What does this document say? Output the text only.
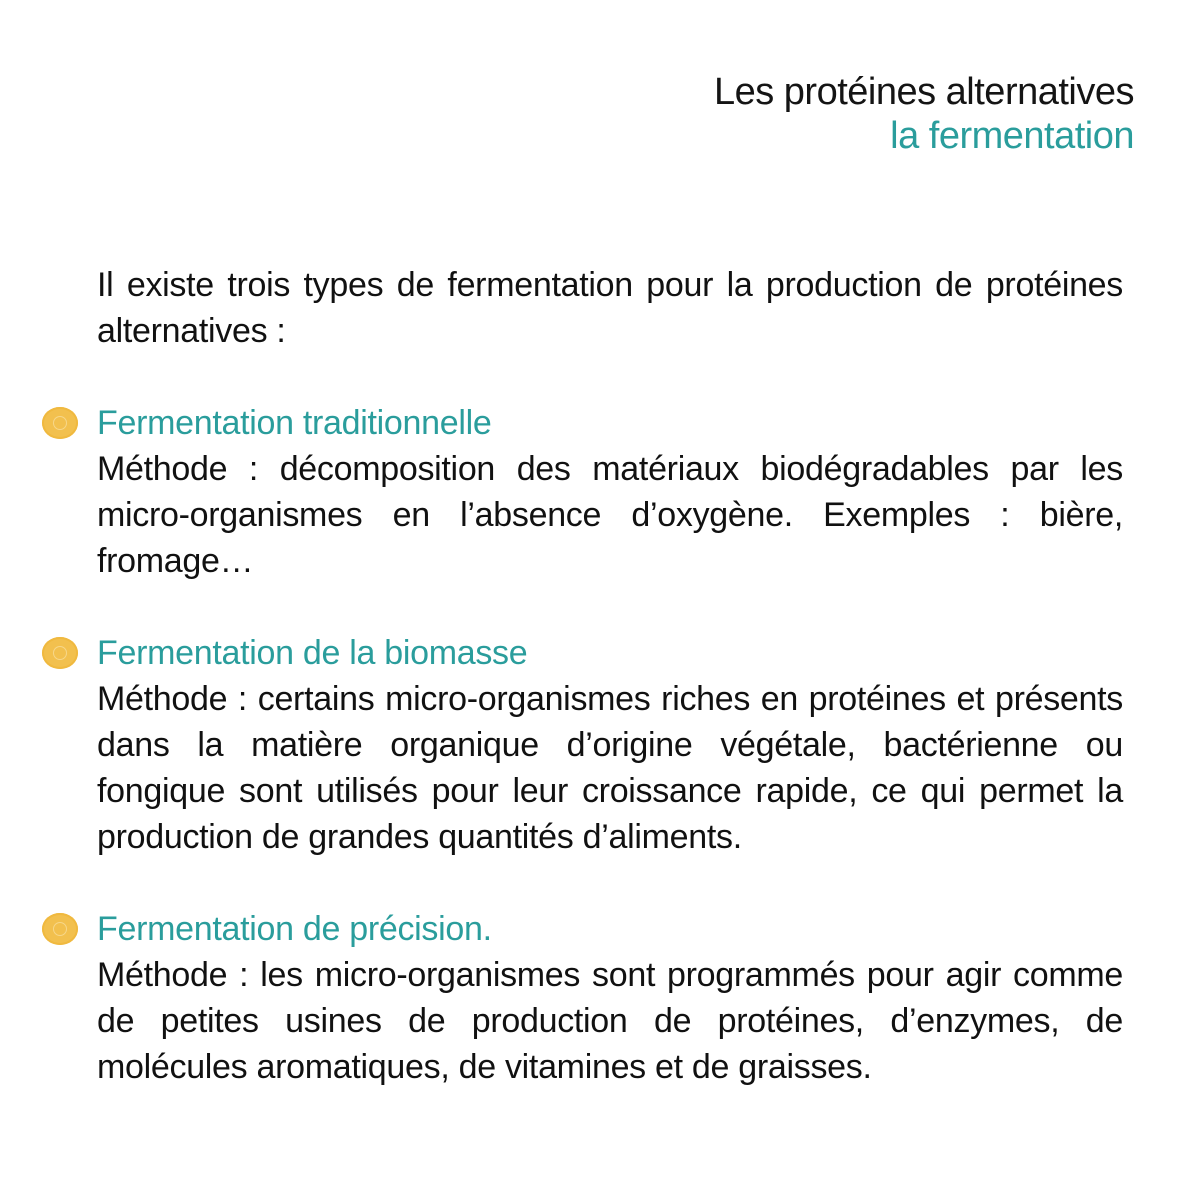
Les protéines alternatives
la fermentation

Il existe trois types de fermentation pour la production de protéines alternatives :

Fermentation traditionnelle

Méthode : décomposition des matériaux biodégradables par les micro-organismes en l’absence d’oxygène. Exemples : bière, fromage…

Fermentation de la biomasse

Méthode : certains micro-organismes riches en protéines et présents dans la matière organique d’origine végétale, bactérienne ou fongique sont utilisés pour leur croissance rapide, ce qui permet la production de grandes quantités d’aliments.

Fermentation de précision.

Méthode : les micro-organismes sont programmés pour agir comme de petites usines de production de protéines, d’enzymes, de molécules aromatiques, de vitamines et de graisses.
